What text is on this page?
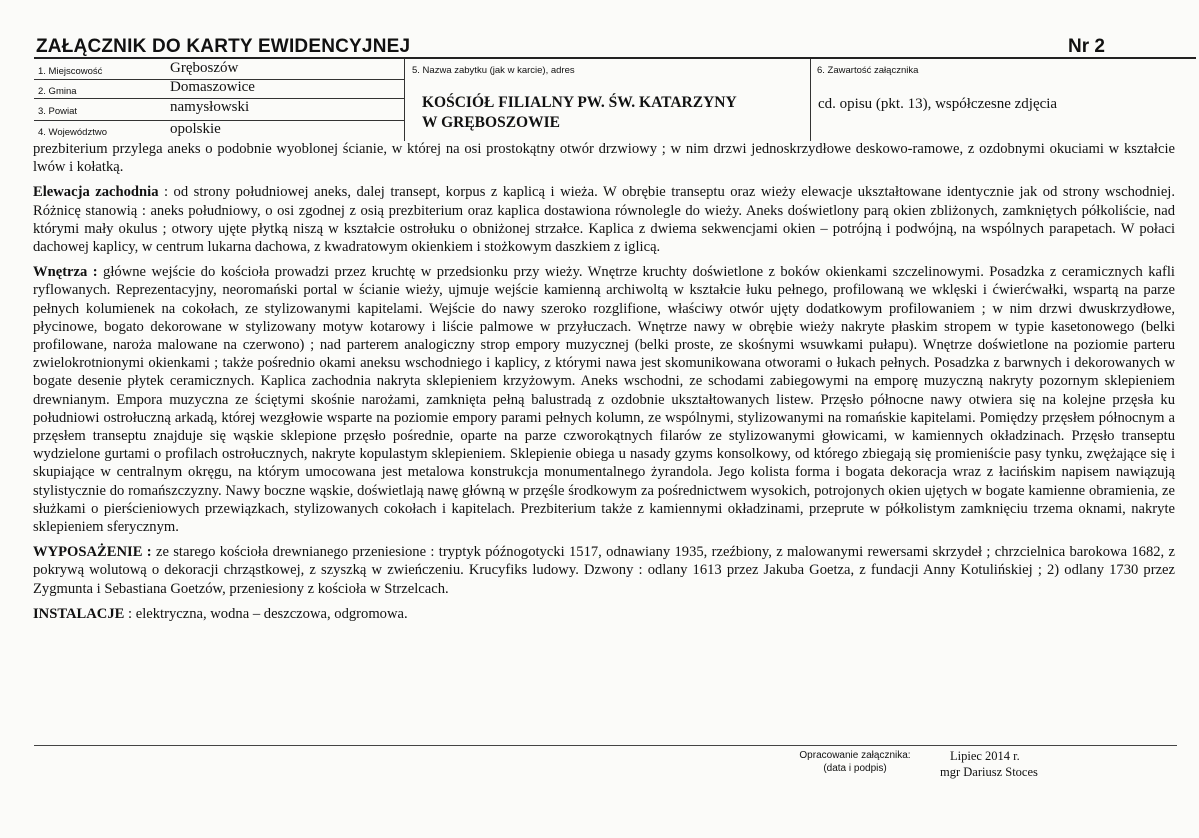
ZAŁĄCZNIK DO KARTY EWIDENCYJNEJ	Nr 2
1. Miejscowość	Gręboszów
2. Gmina	Domaszowice
3. Powiat	namysłowski
4. Województwo	opolskie
5. Nazwa zabytku (jak w karcie), adres
KOŚCIÓŁ FILIALNY PW. ŚW. KATARZYNY
W GRĘBOSZOWIE
6. Zawartość załącznika
cd. opisu (pkt. 13), współczesne zdjęcia

prezbiterium przylega aneks o podobnie wyoblonej ścianie, w której na osi prostokątny otwór drzwiowy ; w nim drzwi jednoskrzydłowe deskowo-ramowe, z ozdobnymi okuciami w kształcie lwów i kołatką.

Elewacja zachodnia : od strony południowej aneks, dalej transept, korpus z kaplicą i wieża. W obrębie transeptu oraz wieży elewacje ukształtowane identycznie jak od strony wschodniej. Różnicę stanowią : aneks południowy, o osi zgodnej z osią prezbiterium oraz kaplica dostawiona równolegle do wieży. Aneks doświetlony parą okien zbliżonych, zamkniętych półkoliście, nad którymi mały okulus ; otwory ujęte płytką niszą w kształcie ostrołuku o obniżonej strzałce. Kaplica z dwiema sekwencjami okien – potrójną i podwójną, na wspólnych parapetach. W połaci dachowej kaplicy, w centrum lukarna dachowa, z kwadratowym okienkiem i stożkowym daszkiem z iglicą.

Wnętrza : główne wejście do kościoła prowadzi przez kruchtę w przedsionku przy wieży. Wnętrze kruchty doświetlone z boków okienkami szczelinowymi. Posadzka z ceramicznych kafli ryflowanych. Reprezentacyjny, neoromański portal w ścianie wieży, ujmuje wejście kamienną archiwoltą w kształcie łuku pełnego, profilowaną we wklęski i ćwierćwałki, wspartą na parze pełnych kolumienek na cokołach, ze stylizowanymi kapitelami. Wejście do nawy szeroko rozglifione, właściwy otwór ujęty dodatkowym profilowaniem ; w nim drzwi dwuskrzydłowe, płycinowe, bogato dekorowane w stylizowany motyw kotarowy i liście palmowe w przyłuczach. Wnętrze nawy w obrębie wieży nakryte płaskim stropem w typie kasetonowego (belki profilowane, naroża malowane na czerwono) ; nad parterem analogiczny strop empory muzycznej (belki proste, ze skośnymi wsuwkami pułapu). Wnętrze doświetlone na poziomie parteru zwielokrotnionymi okienkami ; także pośrednio okami aneksu wschodniego i kaplicy, z którymi nawa jest skomunikowana otworami o łukach pełnych. Posadzka z barwnych i dekorowanych w bogate desenie płytek ceramicznych. Kaplica zachodnia nakryta sklepieniem krzyżowym. Aneks wschodni, ze schodami zabiegowymi na emporę muzyczną nakryty pozornym sklepieniem drewnianym. Empora muzyczna ze ściętymi skośnie narożami, zamknięta pełną balustradą z ozdobnie ukształtowanych listew. Przęsło północne nawy otwiera się na kolejne przęsła ku południowi ostrołuczną arkadą, której wezgłowie wsparte na poziomie empory parami pełnych kolumn, ze wspólnymi, stylizowanymi na romańskie kapitelami. Pomiędzy przęsłem północnym a przęsłem transeptu znajduje się wąskie sklepione przęsło pośrednie, oparte na parze czworokątnych filarów ze stylizowanymi głowicami, w kamiennych okładzinach. Przęsło transeptu wydzielone gurtami o profilach ostrołucznych, nakryte kopulastym sklepieniem. Sklepienie obiega u nasady gzyms konsolkowy, od którego zbiegają się promieniście pasy tynku, zwężające się i skupiające w centralnym okręgu, na którym umocowana jest metalowa konstrukcja monumentalnego żyrandola. Jego kolista forma i bogata dekoracja wraz z łacińskim napisem nawiązują stylistycznie do romańszczyzny. Nawy boczne wąskie, doświetlają nawę główną w przęśle środkowym za pośrednictwem wysokich, potrojonych okien ujętych w bogate kamienne obramienia, ze służkami o pierścieniowych przewiązkach, stylizowanych cokołach i kapitelach. Prezbiterium także z kamiennymi okładzinami, przeprute w półkolistym zamknięciu trzema oknami, nakryte sklepieniem sferycznym.

WYPOSAŻENIE : ze starego kościoła drewnianego przeniesione : tryptyk późnogotycki 1517, odnawiany 1935, rzeźbiony, z malowanymi rewersami skrzydeł ; chrzcielnica barokowa 1682, z pokrywą wolutową o dekoracji chrząstkowej, z szyszką w zwieńczeniu. Krucyfiks ludowy. Dzwony : odlany 1613 przez Jakuba Goetza, z fundacji Anny Kotulińskiej ; 2) odlany 1730 przez Zygmunta i Sebastiana Goetzów, przeniesiony z kościoła w Strzelcach.

INSTALACJE : elektryczna, wodna – deszczowa, odgromowa.

Opracowanie załącznika:
(data i podpis)
Lipiec 2014 r.
mgr Dariusz Stoces
